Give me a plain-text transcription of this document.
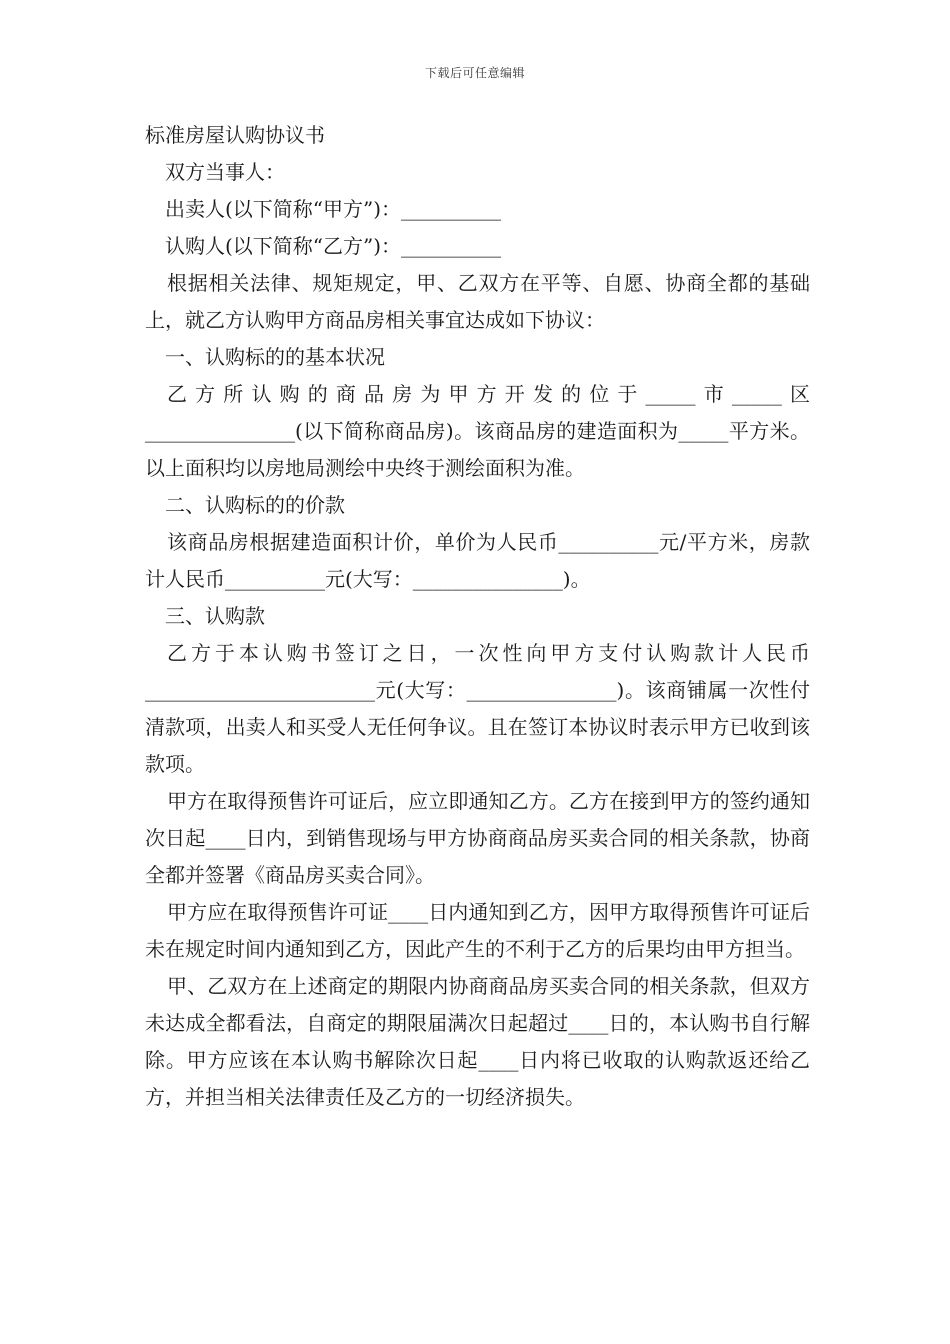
下载后可任意编辑
标准房屋认购协议书

双方当事人：

出卖人(以下简称“甲方”)：__________

认购人(以下简称“乙方”)：__________

根据相关法律、规矩规定，甲、乙双方在平等、自愿、协商全都的基础上，就乙方认购甲方商品房相关事宜达成如下协议：

一、认购标的的基本状况

乙方所认购的商品房为甲方开发的位于_____市_____区_______________(以下简称商品房)。该商品房的建造面积为_____平方米。以上面积均以房地局测绘中央终于测绘面积为准。

二、认购标的的价款

该商品房根据建造面积计价，单价为人民币__________元/平方米，房款计人民币__________元(大写：_______________)。

三、认购款

乙方于本认购书签订之日，一次性向甲方支付认购款计人民币_______________________元(大写：_______________)。该商铺属一次性付清款项，出卖人和买受人无任何争议。且在签订本协议时表示甲方已收到该款项。

甲方在取得预售许可证后，应立即通知乙方。乙方在接到甲方的签约通知次日起____日内，到销售现场与甲方协商商品房买卖合同的相关条款，协商全都并签署《商品房买卖合同》。

甲方应在取得预售许可证____日内通知到乙方，因甲方取得预售许可证后未在规定时间内通知到乙方，因此产生的不利于乙方的后果均由甲方担当。

甲、乙双方在上述商定的期限内协商商品房买卖合同的相关条款，但双方未达成全都看法，自商定的期限届满次日起超过____日的，本认购书自行解除。甲方应该在本认购书解除次日起____日内将已收取的认购款返还给乙方，并担当相关法律责任及乙方的一切经济损失。
